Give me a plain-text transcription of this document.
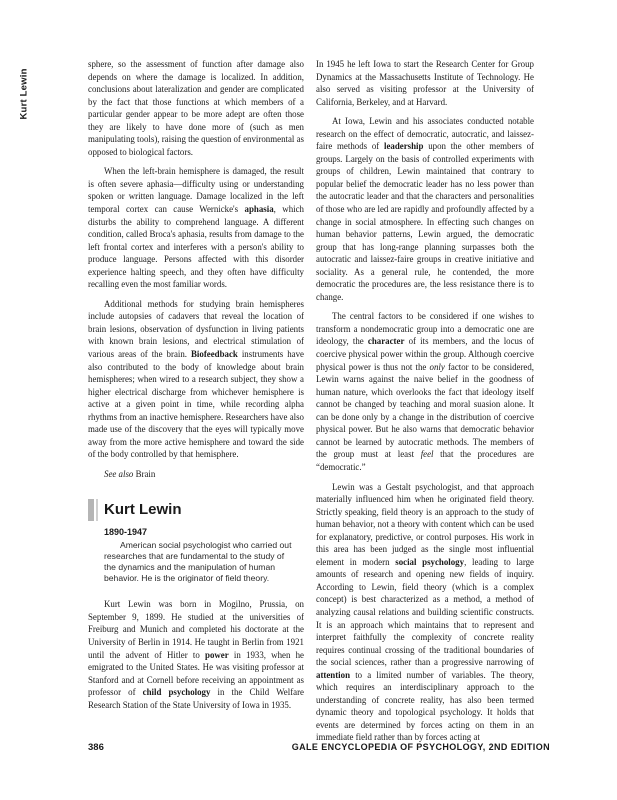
Kurt Lewin

sphere, so the assessment of function after damage also depends on where the damage is localized. In addition, conclusions about lateralization and gender are complicated by the fact that those functions at which members of a particular gender appear to be more adept are often those they are likely to have done more of (such as men manipulating tools), raising the question of environmental as opposed to biological factors.

When the left-brain hemisphere is damaged, the result is often severe aphasia—difficulty using or understanding spoken or written language. Damage localized in the left temporal cortex can cause Wernicke's aphasia, which disturbs the ability to comprehend language. A different condition, called Broca's aphasia, results from damage to the left frontal cortex and interferes with a person's ability to produce language. Persons affected with this disorder experience halting speech, and they often have difficulty recalling even the most familiar words.

Additional methods for studying brain hemispheres include autopsies of cadavers that reveal the location of brain lesions, observation of dysfunction in living patients with known brain lesions, and electrical stimulation of various areas of the brain. Biofeedback instruments have also contributed to the body of knowledge about brain hemispheres; when wired to a research subject, they show a higher electrical discharge from whichever hemisphere is active at a given point in time, while recording alpha rhythms from an inactive hemisphere. Researchers have also made use of the discovery that the eyes will typically move away from the more active hemisphere and toward the side of the body controlled by that hemisphere.

See also Brain

Kurt Lewin
1890-1947

American social psychologist who carried out researches that are fundamental to the study of the dynamics and the manipulation of human behavior. He is the originator of field theory.

Kurt Lewin was born in Mogilno, Prussia, on September 9, 1899. He studied at the universities of Freiburg and Munich and completed his doctorate at the University of Berlin in 1914. He taught in Berlin from 1921 until the advent of Hitler to power in 1933, when he emigrated to the United States. He was visiting professor at Stanford and at Cornell before receiving an appointment as professor of child psychology in the Child Welfare Research Station of the State University of Iowa in 1935.

In 1945 he left Iowa to start the Research Center for Group Dynamics at the Massachusetts Institute of Technology. He also served as visiting professor at the University of California, Berkeley, and at Harvard.

At Iowa, Lewin and his associates conducted notable research on the effect of democratic, autocratic, and laissez-faire methods of leadership upon the other members of groups. Largely on the basis of controlled experiments with groups of children, Lewin maintained that contrary to popular belief the democratic leader has no less power than the autocratic leader and that the characters and personalities of those who are led are rapidly and profoundly affected by a change in social atmosphere. In effecting such changes on human behavior patterns, Lewin argued, the democratic group that has long-range planning surpasses both the autocratic and laissez-faire groups in creative initiative and sociality. As a general rule, he contended, the more democratic the procedures are, the less resistance there is to change.

The central factors to be considered if one wishes to transform a nondemocratic group into a democratic one are ideology, the character of its members, and the locus of coercive physical power within the group. Although coercive physical power is thus not the only factor to be considered, Lewin warns against the naive belief in the goodness of human nature, which overlooks the fact that ideology itself cannot be changed by teaching and moral suasion alone. It can be done only by a change in the distribution of coercive physical power. But he also warns that democratic behavior cannot be learned by autocratic methods. The members of the group must at least feel that the procedures are “democratic.”

Lewin was a Gestalt psychologist, and that approach materially influenced him when he originated field theory. Strictly speaking, field theory is an approach to the study of human behavior, not a theory with content which can be used for explanatory, predictive, or control purposes. His work in this area has been judged as the single most influential element in modern social psychology, leading to large amounts of research and opening new fields of inquiry. According to Lewin, field theory (which is a complex concept) is best characterized as a method, a method of analyzing causal relations and building scientific constructs. It is an approach which maintains that to represent and interpret faithfully the complexity of concrete reality requires continual crossing of the traditional boundaries of the social sciences, rather than a progressive narrowing of attention to a limited number of variables. The theory, which requires an interdisciplinary approach to the understanding of concrete reality, has also been termed dynamic theory and topological psychology. It holds that events are determined by forces acting on them in an immediate field rather than by forces acting at

386	GALE ENCYCLOPEDIA OF PSYCHOLOGY, 2ND EDITION
